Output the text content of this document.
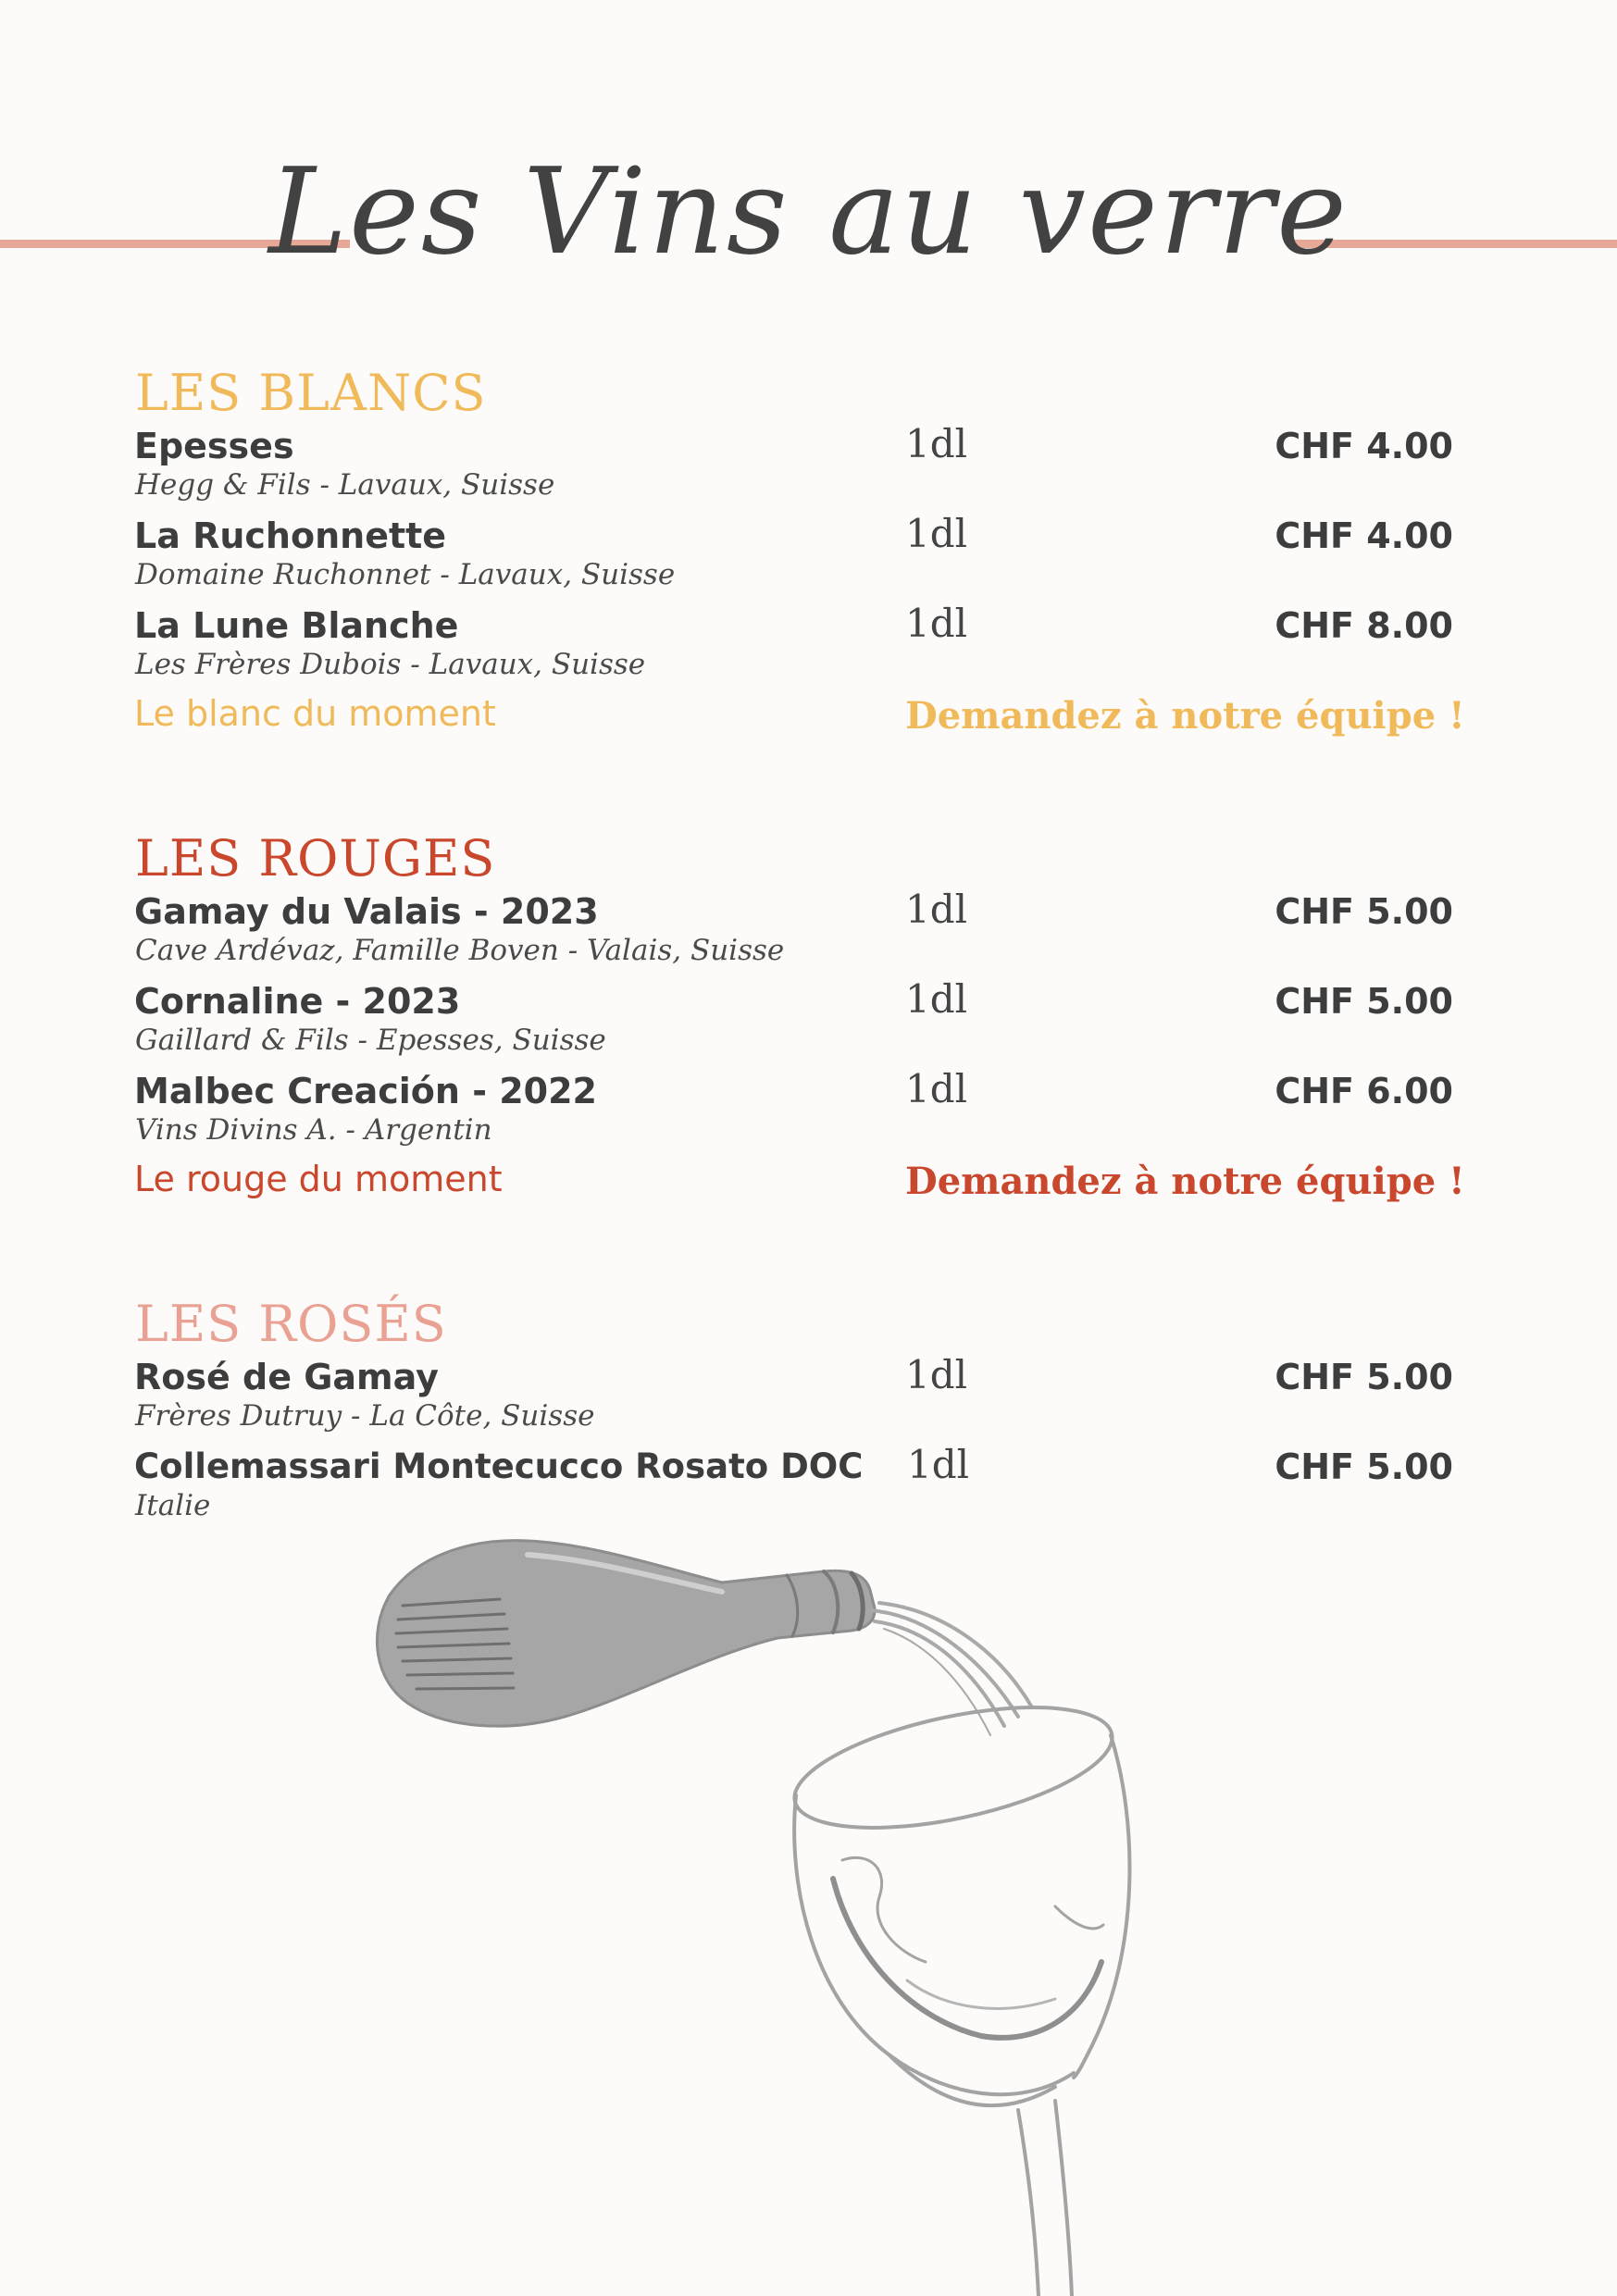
Les Vins au verre
LES BLANCS
Epesses
Hegg & Fils - Lavaux, Suisse
1dl	CHF 4.00
La Ruchonnette
Domaine Ruchonnet - Lavaux, Suisse
1dl	CHF 4.00
La Lune Blanche
Les Frères Dubois - Lavaux, Suisse
1dl	CHF 8.00
Le blanc du moment	Demandez à notre équipe !
LES ROUGES
Gamay du Valais - 2023
Cave Ardévaz, Famille Boven - Valais, Suisse
1dl	CHF 5.00
Cornaline - 2023
Gaillard & Fils - Epesses, Suisse
1dl	CHF 5.00
Malbec Creación - 2022
Vins Divins A. - Argentin
1dl	CHF 6.00
Le rouge du moment	Demandez à notre équipe !
LES ROSÉS
Rosé de Gamay
Frères Dutruy - La Côte, Suisse
1dl	CHF 5.00
Collemassari Montecucco Rosato DOC
Italie
1dl	CHF 5.00
